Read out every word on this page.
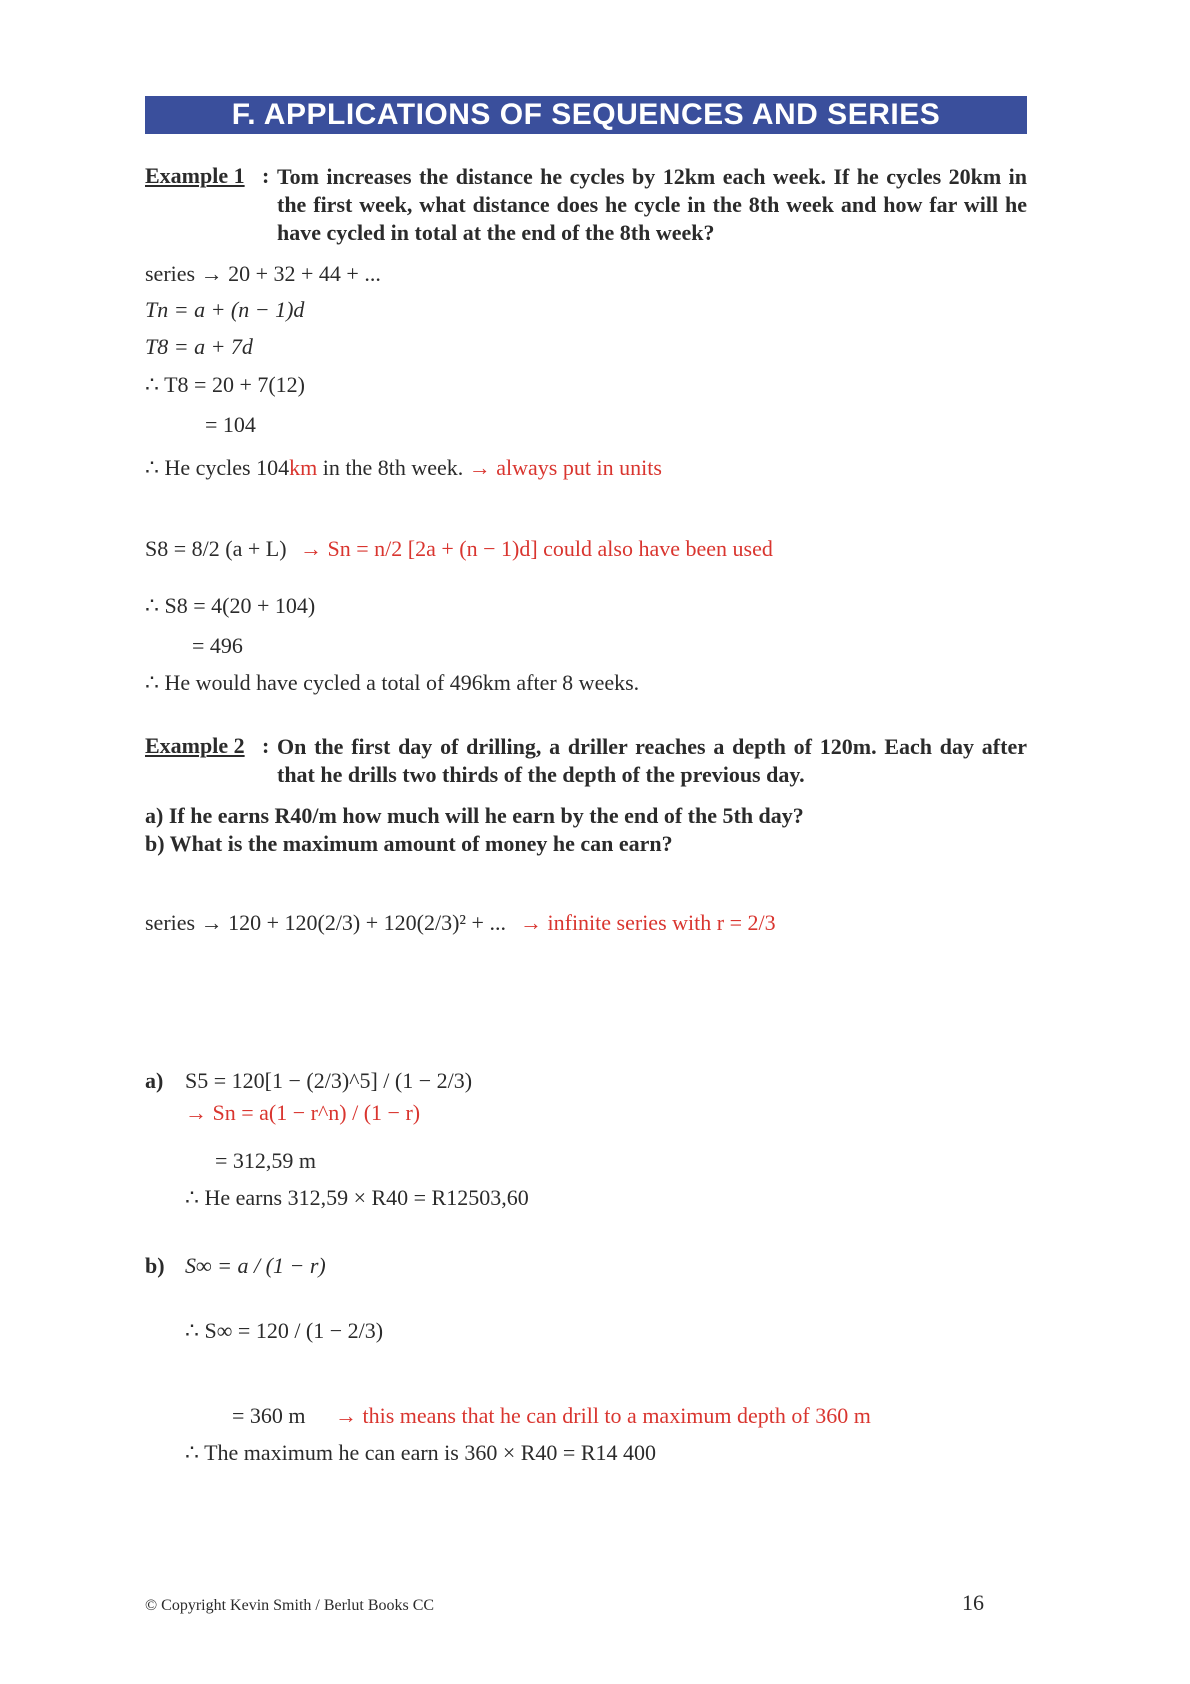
F. APPLICATIONS OF SEQUENCES AND SERIES
Example 1 : Tom increases the distance he cycles by 12km each week. If he cycles 20km in the first week, what distance does he cycle in the 8th week and how far will he have cycled in total at the end of the 8th week?
series → 20 + 32 + 44 + ...
Tn = a + (n − 1)d
T8 = a + 7d
∴ T8 = 20 + 7(12)
= 104
∴ He cycles 104km in the 8th week. → always put in units
S8 = 8/2 (a + L) → Sn = n/2 [2a + (n − 1)d] could also have been used
∴ S8 = 4(20 + 104)
= 496
∴ He would have cycled a total of 496km after 8 weeks.
Example 2 : On the first day of drilling, a driller reaches a depth of 120m. Each day after that he drills two thirds of the depth of the previous day.
a) If he earns R40/m how much will he earn by the end of the 5th day?
b) What is the maximum amount of money he can earn?
series → 120 + 120(2/3) + 120(2/3)² + ... → infinite series with r = 2/3
a) S5 = 120[1 − (2/3)^5] / (1 − 2/3)
→ Sn = a(1 − r^n) / (1 − r)
= 312,59 m
∴ He earns 312,59 × R40 = R12503,60
b) S∞ = a / (1 − r)
∴ S∞ = 120 / (1 − 2/3)
= 360 m → this means that he can drill to a maximum depth of 360 m
∴ The maximum he can earn is 360 × R40 = R14 400
© Copyright Kevin Smith / Berlut Books CC	16
